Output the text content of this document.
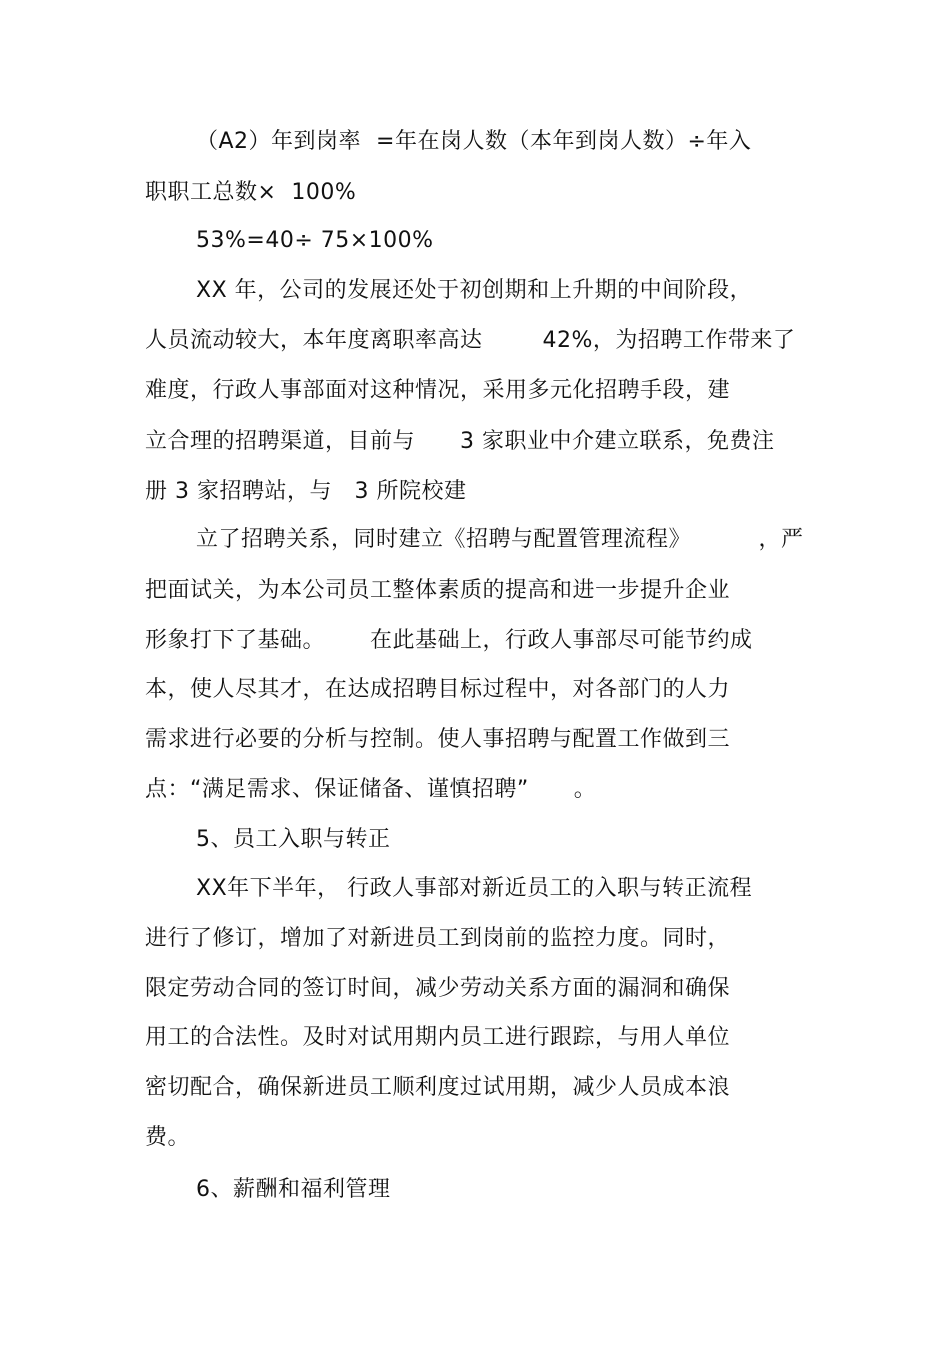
（A2）年到岗率  =年在岗人数（本年到岗人数）÷年入
职职工总数×  100%
53%=40÷ 75×100%
XX 年，公司的发展还处于初创期和上升期的中间阶段，
人员流动较大，本年度离职率高达        42%，为招聘工作带来了
难度，行政人事部面对这种情况，采用多元化招聘手段，建
立合理的招聘渠道，目前与      3 家职业中介建立联系，免费注
册 3 家招聘站，与   3 所院校建
立了招聘关系，同时建立《招聘与配置管理流程》         ，严
把面试关，为本公司员工整体素质的提高和进一步提升企业
形象打下了基础。      在此基础上，行政人事部尽可能节约成
本，使人尽其才，在达成招聘目标过程中，对各部门的人力
需求进行必要的分析与控制。使人事招聘与配置工作做到三
点：“满足需求、保证储备、谨慎招聘”      。
5、员工入职与转正
XX年下半年， 行政人事部对新近员工的入职与转正流程
进行了修订，增加了对新进员工到岗前的监控力度。同时，
限定劳动合同的签订时间，减少劳动关系方面的漏洞和确保
用工的合法性。及时对试用期内员工进行跟踪，与用人单位
密切配合，确保新进员工顺利度过试用期，减少人员成本浪
费。
6、薪酬和福利管理
